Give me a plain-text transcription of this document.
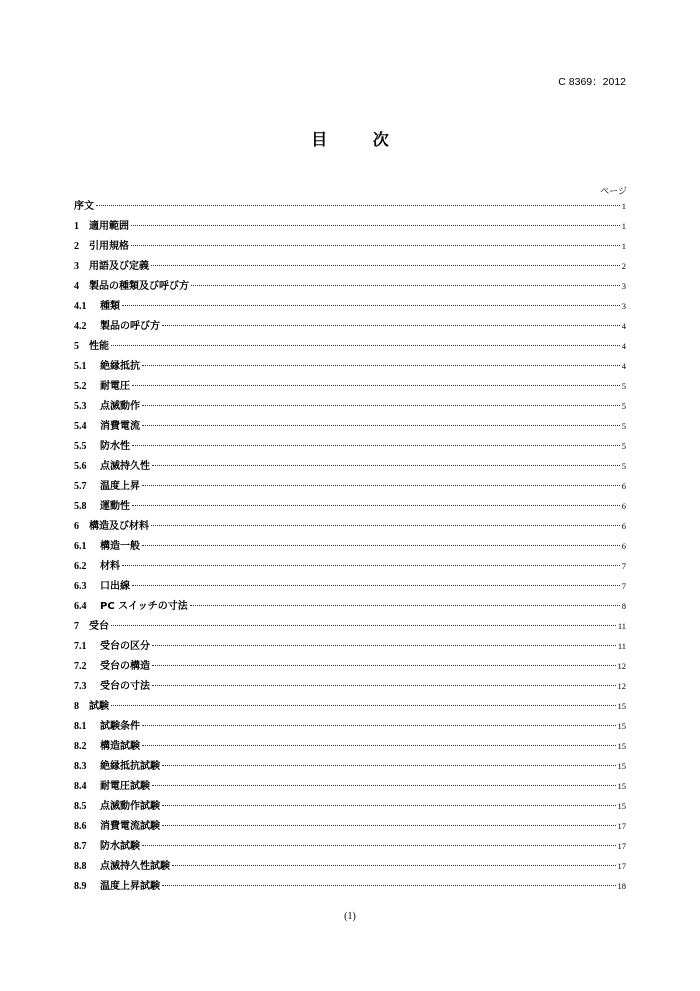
C 8369：2012
目 次
ページ
序文	1
1	適用範囲	1
2	引用規格	1
3	用語及び定義	2
4	製品の種類及び呼び方	3
4.1	種類	3
4.2	製品の呼び方	4
5	性能	4
5.1	絶縁抵抗	4
5.2	耐電圧	5
5.3	点滅動作	5
5.4	消費電流	5
5.5	防水性	5
5.6	点滅持久性	5
5.7	温度上昇	6
5.8	運動性	6
6	構造及び材料	6
6.1	構造一般	6
6.2	材料	7
6.3	口出線	7
6.4	PC スイッチの寸法	8
7	受台	11
7.1	受台の区分	11
7.2	受台の構造	12
7.3	受台の寸法	12
8	試験	15
8.1	試験条件	15
8.2	構造試験	15
8.3	絶縁抵抗試験	15
8.4	耐電圧試験	15
8.5	点滅動作試験	15
8.6	消費電流試験	17
8.7	防水試験	17
8.8	点滅持久性試験	17
8.9	温度上昇試験	18
(1)
